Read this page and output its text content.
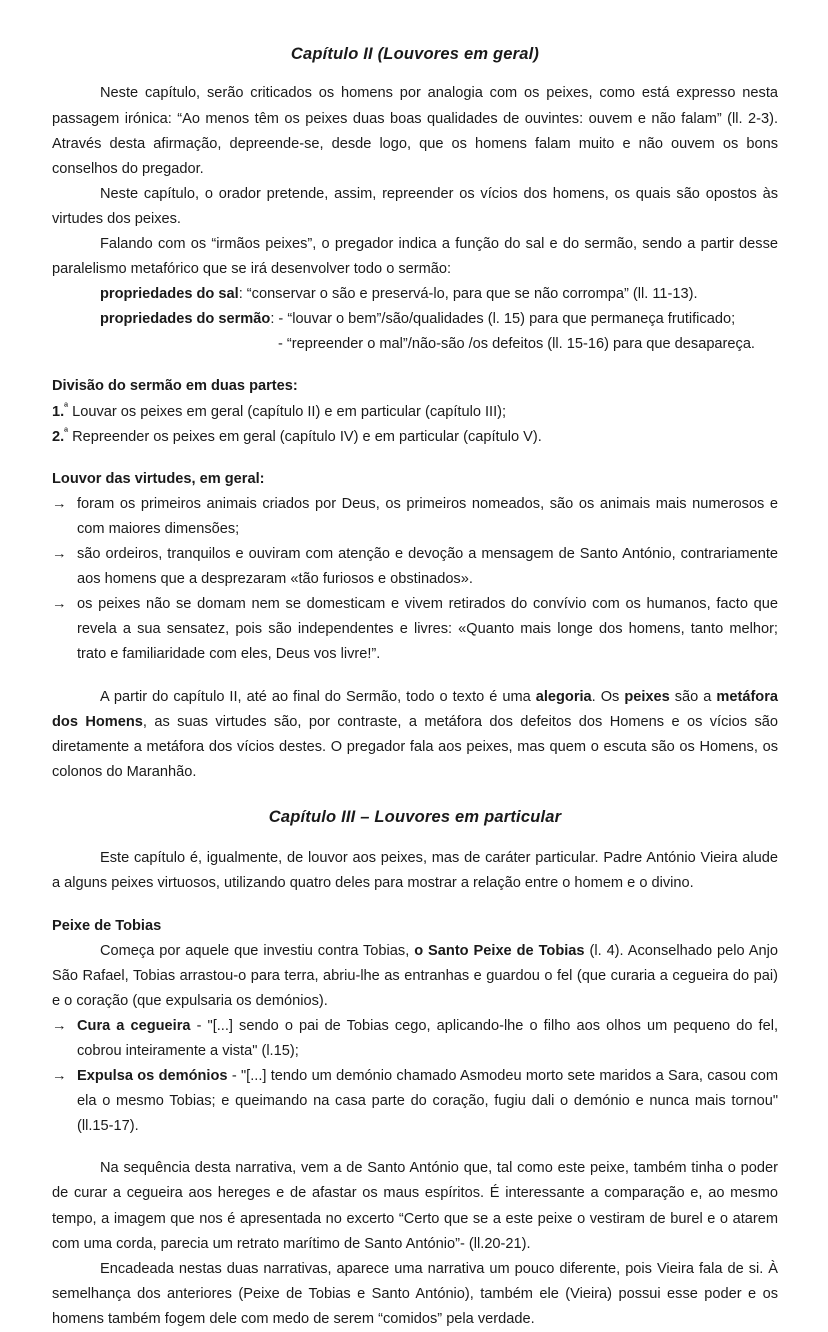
Capítulo II (Louvores em geral)

Neste capítulo, serão criticados os homens por analogia com os peixes, como está expresso nesta passagem irónica: “Ao menos têm os peixes duas boas qualidades de ouvintes: ouvem e não falam” (ll. 2-3). Através desta afirmação, depreende-se, desde logo, que os homens falam muito e não ouvem os bons conselhos do pregador.

Neste capítulo, o orador pretende, assim, repreender os vícios dos homens, os quais são opostos às virtudes dos peixes.

Falando com os “irmãos peixes”, o pregador indica a função do sal e do sermão, sendo a partir desse paralelismo metafórico que se irá desenvolver todo o sermão:

propriedades do sal: “conservar o são e preservá-lo, para que se não corrompa” (ll. 11-13).
propriedades do sermão: - “louvar o bem”/são/qualidades (l. 15) para que permaneça frutificado;
- “repreender o mal”/não-são /os defeitos (ll. 15-16) para que desapareça.
Divisão do sermão em duas partes:
1.$^ª$ Louvar os peixes em geral (capítulo II) e em particular (capítulo III);
2.$^ª$ Repreender os peixes em geral (capítulo IV) e em particular (capítulo V).
Louvor das virtudes, em geral:
→ foram os primeiros animais criados por Deus, os primeiros nomeados, são os animais mais numerosos e com maiores dimensões;
→ são ordeiros, tranquilos e ouviram com atenção e devoção a mensagem de Santo António, contrariamente aos homens que a desprezaram «tão furiosos e obstinados».
→ os peixes não se domam nem se domesticam e vivem retirados do convívio com os humanos, facto que revela a sua sensatez, pois são independentes e livres: «Quanto mais longe dos homens, tanto melhor; trato e familiaridade com eles, Deus vos livre!”.

A partir do capítulo II, até ao final do Sermão, todo o texto é uma alegoria. Os peixes são a metáfora dos Homens, as suas virtudes são, por contraste, a metáfora dos defeitos dos Homens e os vícios são diretamente a metáfora dos vícios destes. O pregador fala aos peixes, mas quem o escuta são os Homens, os colonos do Maranhão.

Capítulo III – Louvores em particular

Este capítulo é, igualmente, de louvor aos peixes, mas de caráter particular. Padre António Vieira alude a alguns peixes virtuosos, utilizando quatro deles para mostrar a relação entre o homem e o divino.

Peixe de Tobias

Começa por aquele que investiu contra Tobias, o Santo Peixe de Tobias (l. 4). Aconselhado pelo Anjo São Rafael, Tobias arrastou-o para terra, abriu-lhe as entranhas e guardou o fel (que curaria a cegueira do pai) e o coração (que expulsaria os demónios).

→ Cura a cegueira - "[...] sendo o pai de Tobias cego, aplicando-lhe o filho aos olhos um pequeno do fel, cobrou inteiramente a vista" (l.15);
→ Expulsa os demónios - "[...] tendo um demónio chamado Asmodeu morto sete maridos a Sara, casou com ela o mesmo Tobias; e queimando na casa parte do coração, fugiu dali o demónio e nunca mais tornou" (ll.15-17).

Na sequência desta narrativa, vem a de Santo António que, tal como este peixe, também tinha o poder de curar a cegueira aos hereges e de afastar os maus espíritos. É interessante a comparação e, ao mesmo tempo, a imagem que nos é apresentada no excerto “Certo que se a este peixe o vestiram de burel e o atarem com uma corda, parecia um retrato marítimo de Santo António”- (ll.20-21).

Encadeada nestas duas narrativas, aparece uma narrativa um pouco diferente, pois Vieira fala de si. À semelhança dos anteriores (Peixe de Tobias e Santo António), também ele (Vieira) possui esse poder e os homens também fogem dele com medo de serem “comidos” pela verdade.
